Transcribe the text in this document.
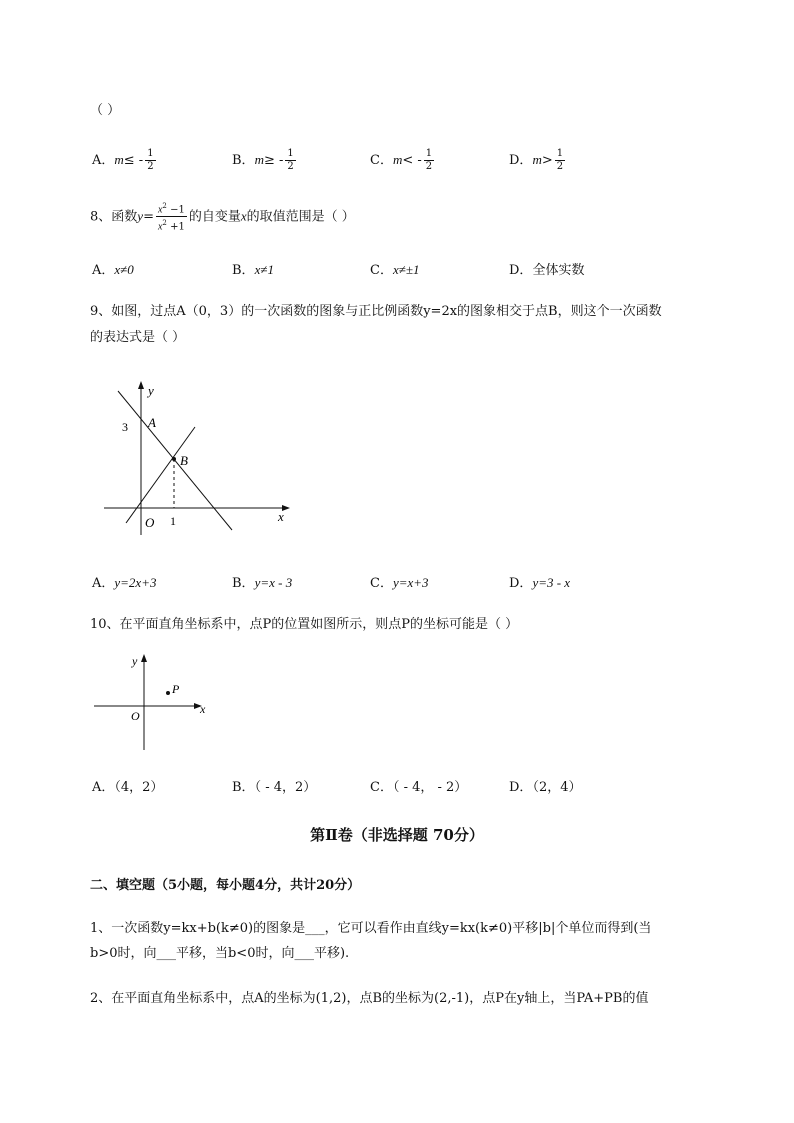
（ ）
A．$m\le - \frac{1}{2}$	B．$m\ge - \frac{1}{2}$	C．$m< - \frac{1}{2}$	D．$m> \frac{1}{2}$
8、函数$y= \frac{x^2 -1}{x^2 +1}$ 的自变量x的取值范围是（ ）
A．x≠0	B．x≠1	C．x≠±1	D．全体实数
9、如图，过点A（0，3）的一次函数的图象与正比例函数y=2x的图象相交于点B，则这个一次函数
的表达式是（ ）
y
A
3
B
O 1	x
A．y=2x+3	B．y=x - 3	C．y=x+3	D．y=3 - x
10、在平面直角坐标系中，点P的位置如图所示，则点P的坐标可能是（ ）
P
y
O	x
A．（4，2）	B．（ - 4，2）	C．（ - 4， - 2）	D．（2，4）
第Ⅱ卷（非选择题 70分）
二、填空题（5小题，每小题4分，共计20分）
1、一次函数y=kx+b(k≠0)的图象是___，它可以看作由直线y=kx(k≠0)平移|b|个单位而得到(当
b>0时，向___平移，当b<0时，向___平移).
2、在平面直角坐标系中，点A的坐标为(1,2)，点B的坐标为(2,-1)，点P在y轴上，当PA+PB的值
